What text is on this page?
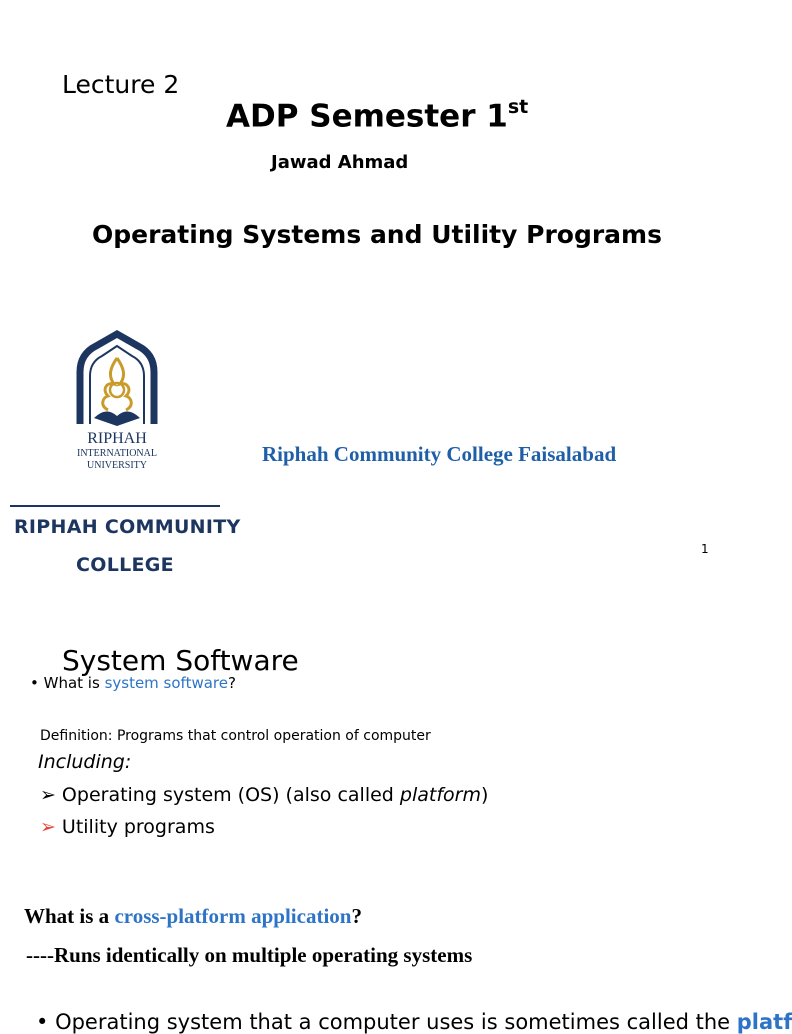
Lecture 2
ADP Semester 1st
Jawad Ahmad
Operating Systems and Utility Programs
RIPHAH
INTERNATIONAL
UNIVERSITY	Riphah Community College Faisalabad
RIPHAH COMMUNITY
COLLEGE
1
System Software
• What is system software?
Definition: Programs that control operation of computer
Including:
➢ Operating system (OS) (also called platform)
➢ Utility programs
What is a cross-platform application?
----Runs identically on multiple operating systems
• Operating system that a computer uses is sometimes called the platf
